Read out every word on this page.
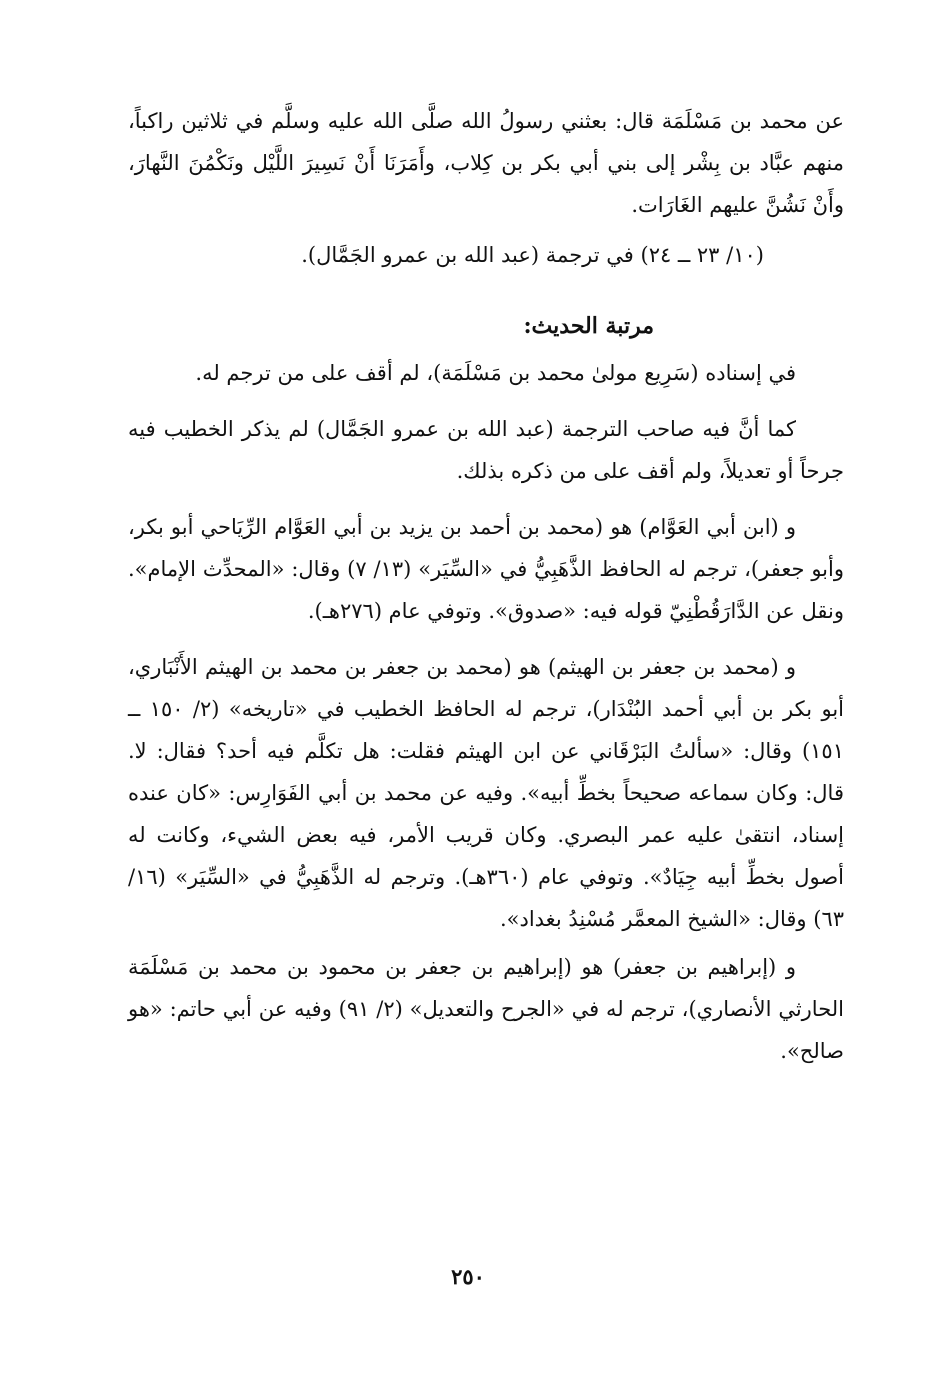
عن محمد بن مَسْلَمَة قال: بعثني رسولُ الله صلَّى الله عليه وسلَّم في ثلاثين راكباً، منهم عبَّاد بن بِشْر إلى بني أبي بكر بن كِلاب، وأَمَرَنَا أَنْ نَسِيرَ اللَّيْل ونَكْمُنَ النَّهارَ، وأَنْ نَشُنَّ عليهم الغَارَات.

(١٠/ ٢٣ ــ ٢٤) في ترجمة (عبد الله بن عمرو الجَمَّال).

مرتبة الحديث:

في إسناده (سَرِيع مولىٰ محمد بن مَسْلَمَة)، لم أقف على من ترجم له.

كما أنَّ فيه صاحب الترجمة (عبد الله بن عمرو الجَمَّال) لم يذكر الخطيب فيه جرحاً أو تعديلاً، ولم أقف على من ذكره بذلك.

و (ابن أبي العَوَّام) هو (محمد بن أحمد بن يزيد بن أبي العَوَّام الرِّيَاحي أبو بكر، وأبو جعفر)، ترجم له الحافظ الذَّهَبِيُّ في «السِّيَر» (١٣/ ٧) وقال: «المحدِّث الإمام». ونقل عن الدَّارَقُطْنِيّ قوله فيه: «صدوق». وتوفي عام (٢٧٦هـ).

و (محمد بن جعفر بن الهيثم) هو (محمد بن جعفر بن محمد بن الهيثم الأَنْبَاري، أبو بكر بن أبي أحمد البُنْدَار)، ترجم له الحافظ الخطيب في «تاريخه» (٢/ ١٥٠ ــ ١٥١) وقال: «سألتُ البَرْقَاني عن ابن الهيثم فقلت: هل تكلَّم فيه أحد؟ فقال: لا. قال: وكان سماعه صحيحاً بخطِّ أبيه». وفيه عن محمد بن أبي الفَوَارِس: «كان عنده إسناد، انتقىٰ عليه عمر البصري. وكان قريب الأمر، فيه بعض الشيء، وكانت له أصول بخطِّ أبيه جِيَادٌ». وتوفي عام (٣٦٠هـ). وترجم له الذَّهَبِيُّ في «السِّيَر» (١٦/ ٦٣) وقال: «الشيخ المعمَّر مُسْنِدُ بغداد».

و (إبراهيم بن جعفر) هو (إبراهيم بن جعفر بن محمود بن محمد بن مَسْلَمَة الحارثي الأنصاري)، ترجم له في «الجرح والتعديل» (٢/ ٩١) وفيه عن أبي حاتم: «هو صالح».

٢٥٠
